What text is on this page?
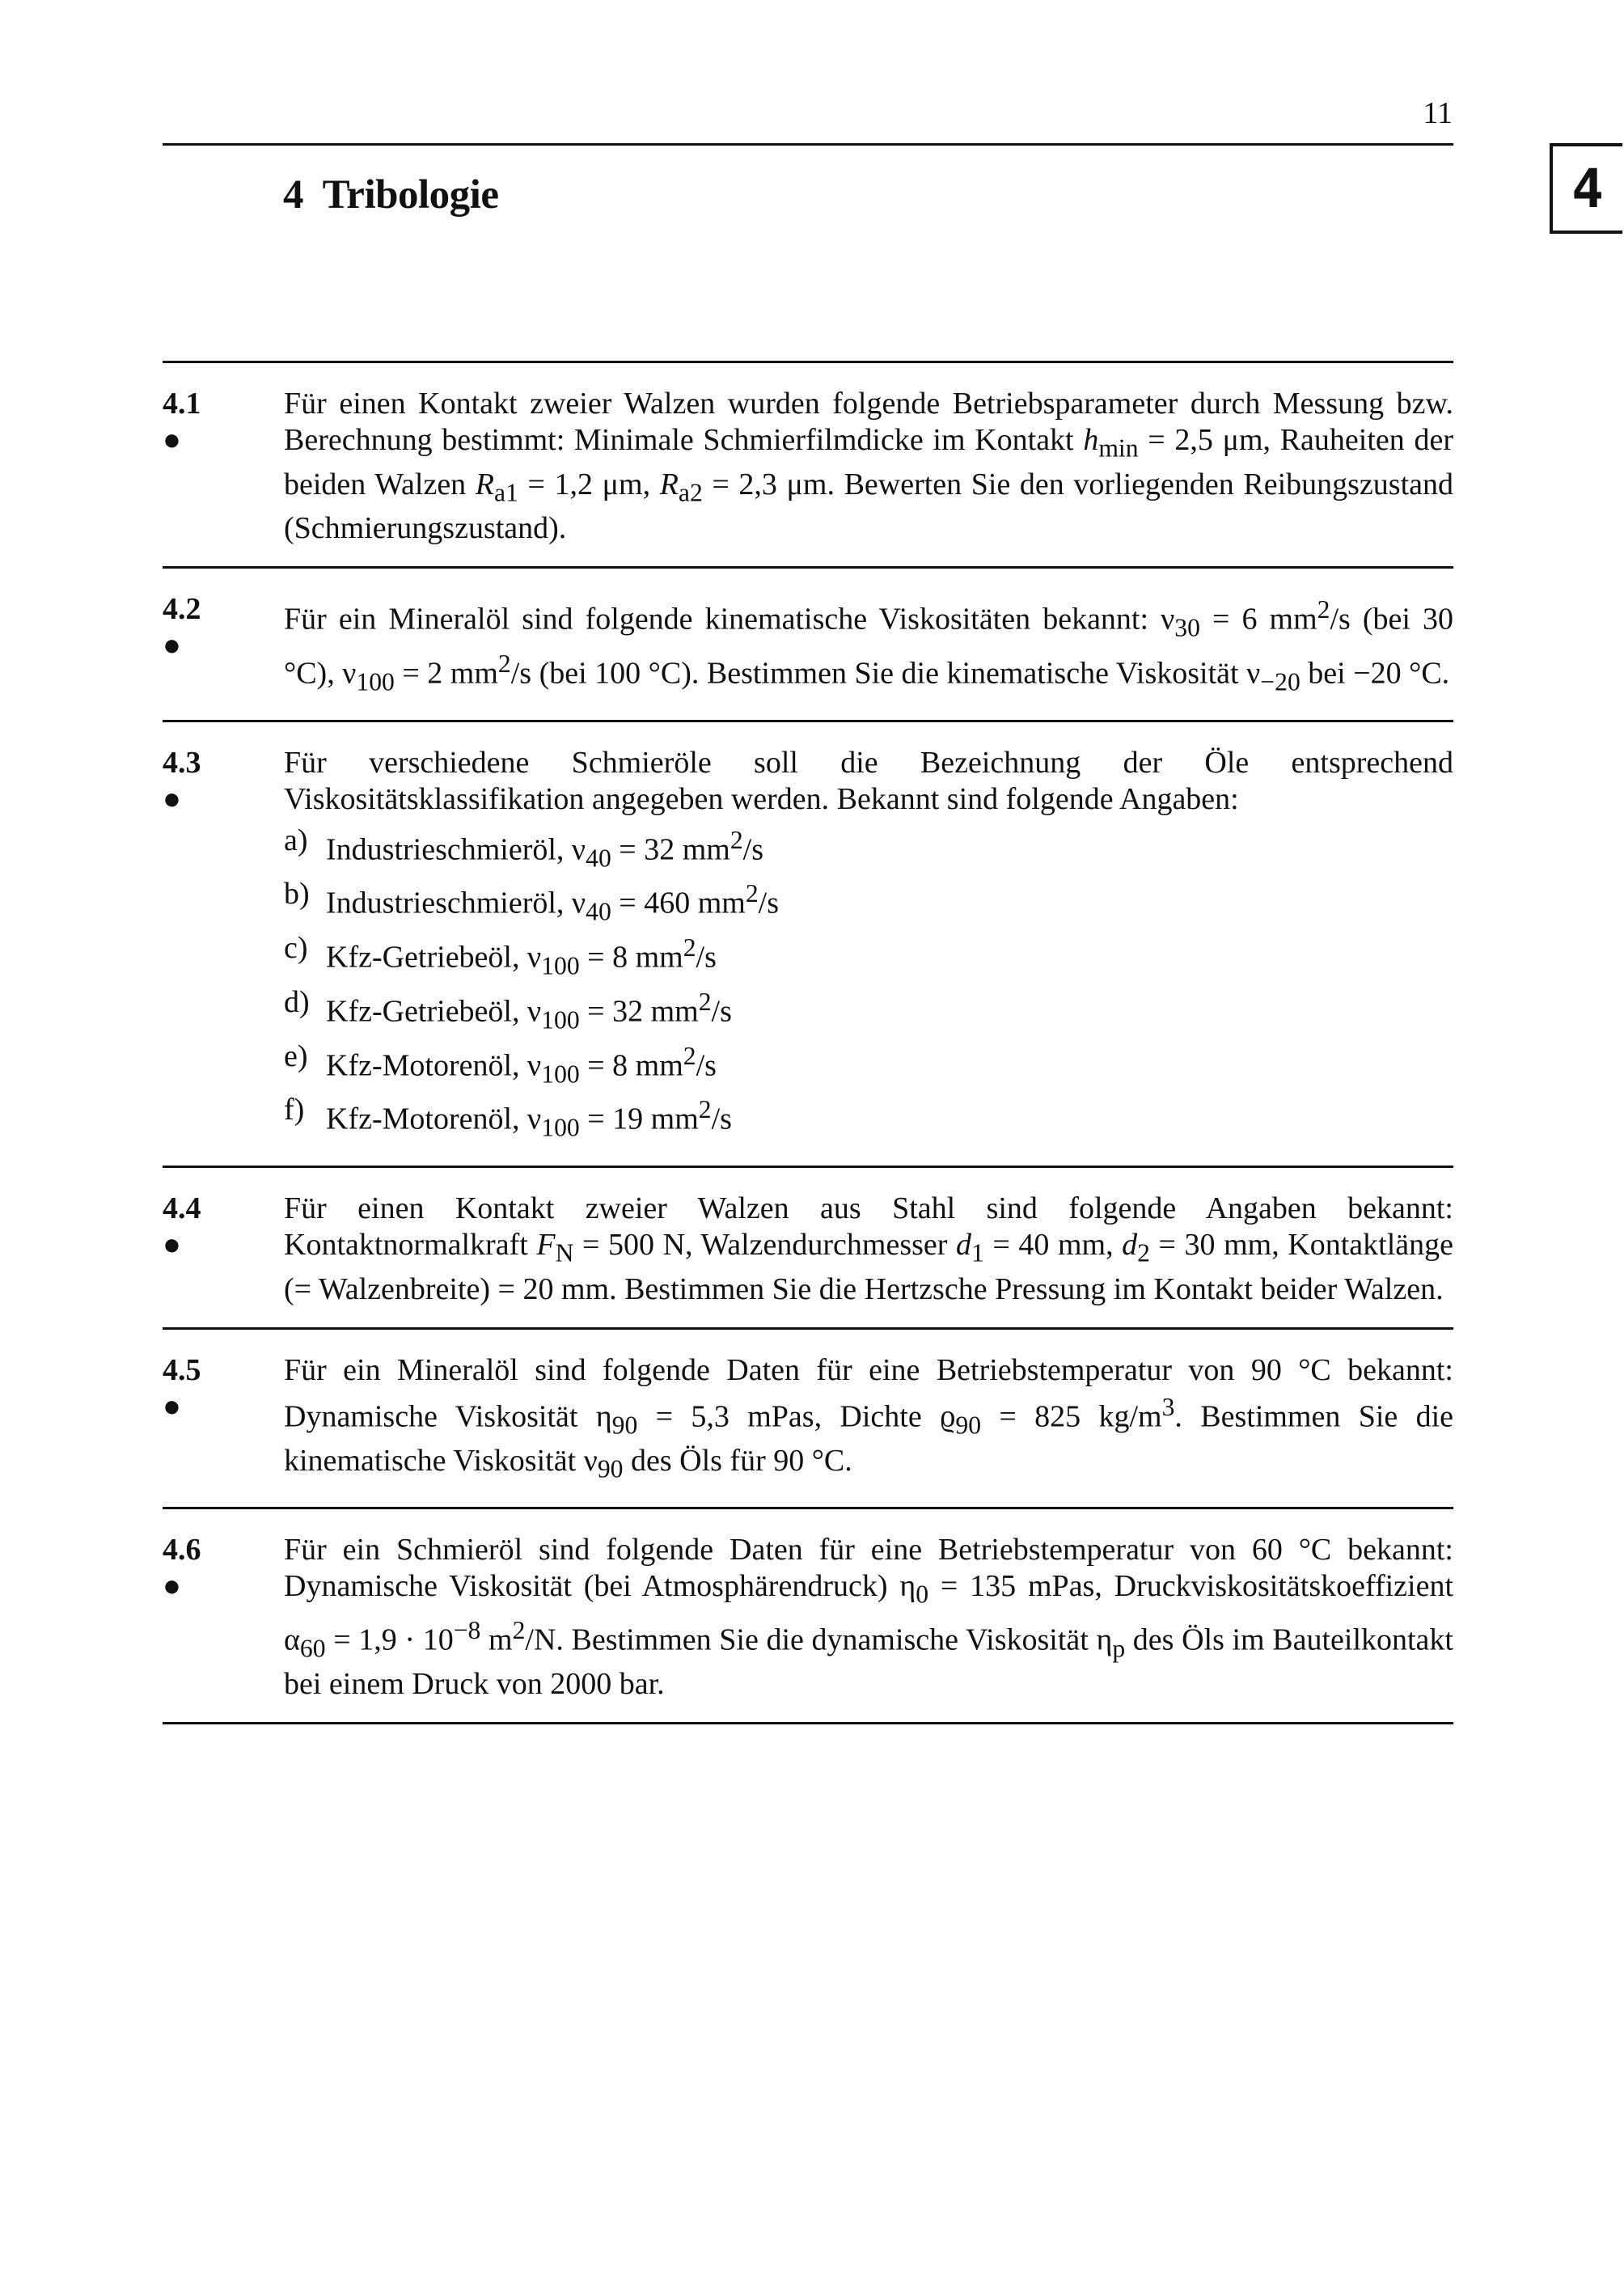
11
4  Tribologie	4
4.1
●
Für einen Kontakt zweier Walzen wurden folgende Betriebsparameter durch Messung bzw. Berechnung bestimmt: Minimale Schmierfilmdicke im Kontakt $h_{min} = 2,5$ μm, Rauheiten der beiden Walzen $R_{a1} = 1,2$ μm, $R_{a2} = 2,3$ μm. Bewerten Sie den vorliegenden Reibungszustand (Schmierungszustand).
4.2
●
Für ein Mineralöl sind folgende kinematische Viskositäten bekannt: $\nu_{30} = 6$ $mm^2/s$ (bei 30 °C), $\nu_{100} = 2$ $mm^2/s$ (bei 100 °C). Bestimmen Sie die kinematische Viskosität $\nu_{-20}$ bei −20 °C.
4.3
●
Für verschiedene Schmieröle soll die Bezeichnung der Öle entsprechend Viskositätsklassifikation angegeben werden. Bekannt sind folgende Angaben:
a) Industrieschmieröl, $\nu_{40} = 32$ $mm^2/s$
b) Industrieschmieröl, $\nu_{40} = 460$ $mm^2/s$
c) Kfz-Getriebeöl, $\nu_{100} = 8$ $mm^2/s$
d) Kfz-Getriebeöl, $\nu_{100} = 32$ $mm^2/s$
e) Kfz-Motorenöl, $\nu_{100} = 8$ $mm^2/s$
f) Kfz-Motorenöl, $\nu_{100} = 19$ $mm^2/s$
4.4
●
Für einen Kontakt zweier Walzen aus Stahl sind folgende Angaben bekannt: Kontaktnormalkraft $F_N = 500$ N, Walzendurchmesser $d_1 = 40$ mm, $d_2 = 30$ mm, Kontaktlänge (= Walzenbreite) = 20 mm. Bestimmen Sie die Hertzsche Pressung im Kontakt beider Walzen.
4.5
●
Für ein Mineralöl sind folgende Daten für eine Betriebstemperatur von 90 °C bekannt: Dynamische Viskosität $\eta_{90} = 5,3$ mPas, Dichte $ϱ_{90} = 825$ $kg/m^3$. Bestimmen Sie die kinematische Viskosität $\nu_{90}$ des Öls für 90 °C.
4.6
●
Für ein Schmieröl sind folgende Daten für eine Betriebstemperatur von 60 °C bekannt: Dynamische Viskosität (bei Atmosphärendruck) $\eta_0 = 135$ mPas, Druckviskositätskoeffizient $\alpha_{60} = 1,9 \cdot 10^{-8}$ $m^2/N$. Bestimmen Sie die dynamische Viskosität $\eta_p$ des Öls im Bauteilkontakt bei einem Druck von 2000 bar.
